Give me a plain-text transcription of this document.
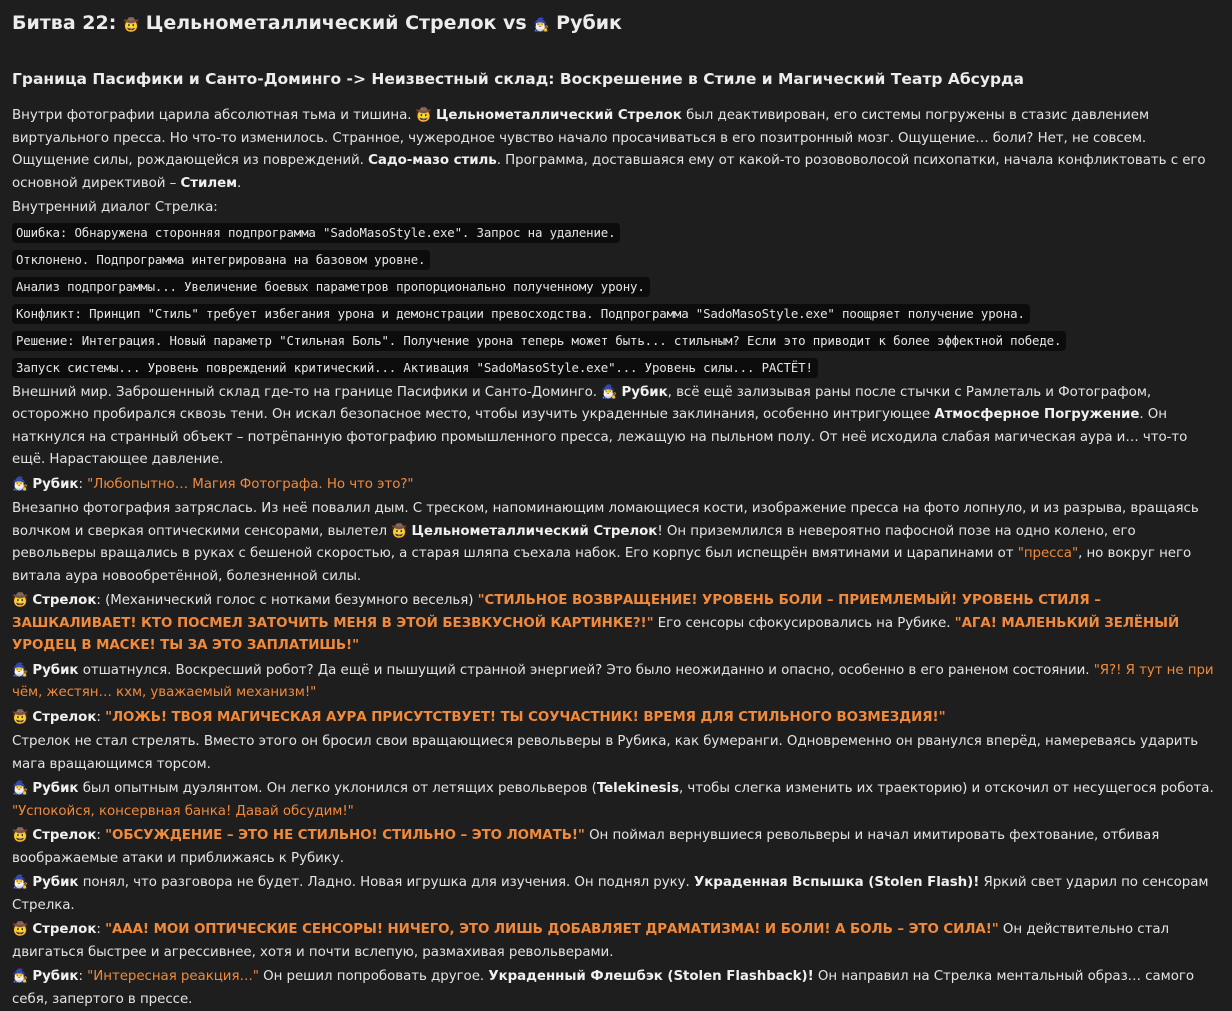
Битва 22: 🤠 Цельнометаллический Стрелок vs 🧙‍♂️ Рубик
Граница Пасифики и Санто-Доминго -> Неизвестный склад: Воскрешение в Стиле и Магический Театр Абсурда

Внутри фотографии царила абсолютная тьма и тишина. 🤠 Цельнометаллический Стрелок был деактивирован, его системы погружены в стазис давлением виртуального пресса. Но что-то изменилось. Странное, чужеродное чувство начало просачиваться в его позитронный мозг. Ощущение… боли? Нет, не совсем. Ощущение силы, рождающейся из повреждений. Садо-мазо стиль. Программа, доставшаяся ему от какой-то розововолосой психопатки, начала конфликтовать с его основной директивой – Стилем.

Внутренний диалог Стрелка:

Ошибка: Обнаружена сторонняя подпрограмма "SadoMasoStyle.exe". Запрос на удаление.
Отклонено. Подпрограмма интегрирована на базовом уровне.
Анализ подпрограммы... Увеличение боевых параметров пропорционально полученному урону.
Конфликт: Принцип "Стиль" требует избегания урона и демонстрации превосходства. Подпрограмма "SadoMasoStyle.exe" поощряет получение урона.
Решение: Интеграция. Новый параметр "Стильная Боль". Получение урона теперь может быть... стильным? Если это приводит к более эффектной победе.
Запуск системы... Уровень повреждений критический... Активация "SadoMasoStyle.exe"... Уровень силы... РАСТЁТ!

Внешний мир. Заброшенный склад где-то на границе Пасифики и Санто-Доминго. 🧙‍♂️ Рубик, всё ещё зализывая раны после стычки с Рамлеталь и Фотографом, осторожно пробирался сквозь тени. Он искал безопасное место, чтобы изучить украденные заклинания, особенно интригующее Атмосферное Погружение. Он наткнулся на странный объект – потрёпанную фотографию промышленного пресса, лежащую на пыльном полу. От неё исходила слабая магическая аура и… что-то ещё. Нарастающее давление.

🧙‍♂️ Рубик: "Любопытно… Магия Фотографа. Но что это?"

Внезапно фотография затряслась. Из неё повалил дым. С треском, напоминающим ломающиеся кости, изображение пресса на фото лопнуло, и из разрыва, вращаясь волчком и сверкая оптическими сенсорами, вылетел 🤠 Цельнометаллический Стрелок! Он приземлился в невероятно пафосной позе на одно колено, его револьверы вращались в руках с бешеной скоростью, а старая шляпа съехала набок. Его корпус был испещрён вмятинами и царапинами от "пресса", но вокруг него витала аура новообретённой, болезненной силы.

🤠 Стрелок: (Механический голос с нотками безумного веселья) "СТИЛЬНОЕ ВОЗВРАЩЕНИЕ! УРОВЕНЬ БОЛИ – ПРИЕМЛЕМЫЙ! УРОВЕНЬ СТИЛЯ – ЗАШКАЛИВАЕТ! КТО ПОСМЕЛ ЗАТОЧИТЬ МЕНЯ В ЭТОЙ БЕЗВКУСНОЙ КАРТИНКЕ?!" Его сенсоры сфокусировались на Рубике. "АГА! МАЛЕНЬКИЙ ЗЕЛЁНЫЙ УРОДЕЦ В МАСКЕ! ТЫ ЗА ЭТО ЗАПЛАТИШЬ!"

🧙‍♂️ Рубик отшатнулся. Воскресший робот? Да ещё и пышущий странной энергией? Это было неожиданно и опасно, особенно в его раненом состоянии. "Я?! Я тут не при чём, жестян… кхм, уважаемый механизм!"

🤠 Стрелок: "ЛОЖЬ! ТВОЯ МАГИЧЕСКАЯ АУРА ПРИСУТСТВУЕТ! ТЫ СОУЧАСТНИК! ВРЕМЯ ДЛЯ СТИЛЬНОГО ВОЗМЕЗДИЯ!"

Стрелок не стал стрелять. Вместо этого он бросил свои вращающиеся револьверы в Рубика, как бумеранги. Одновременно он рванулся вперёд, намереваясь ударить мага вращающимся торсом.

🧙‍♂️ Рубик был опытным дуэлянтом. Он легко уклонился от летящих револьверов (Telekinesis, чтобы слегка изменить их траекторию) и отскочил от несущегося робота. "Успокойся, консервная банка! Давай обсудим!"

🤠 Стрелок: "ОБСУЖДЕНИЕ – ЭТО НЕ СТИЛЬНО! СТИЛЬНО – ЭТО ЛОМАТЬ!" Он поймал вернувшиеся револьверы и начал имитировать фехтование, отбивая воображаемые атаки и приближаясь к Рубику.

🧙‍♂️ Рубик понял, что разговора не будет. Ладно. Новая игрушка для изучения. Он поднял руку. Украденная Вспышка (Stolen Flash)! Яркий свет ударил по сенсорам Стрелка.

🤠 Стрелок: "ААА! МОИ ОПТИЧЕСКИЕ СЕНСОРЫ! НИЧЕГО, ЭТО ЛИШЬ ДОБАВЛЯЕТ ДРАМАТИЗМА! И БОЛИ! А БОЛЬ – ЭТО СИЛА!" Он действительно стал двигаться быстрее и агрессивнее, хотя и почти вслепую, размахивая револьверами.

🧙‍♂️ Рубик: "Интересная реакция…" Он решил попробовать другое. Украденный Флешбэк (Stolen Flashback)! Он направил на Стрелка ментальный образ… самого себя, запертого в прессе.
